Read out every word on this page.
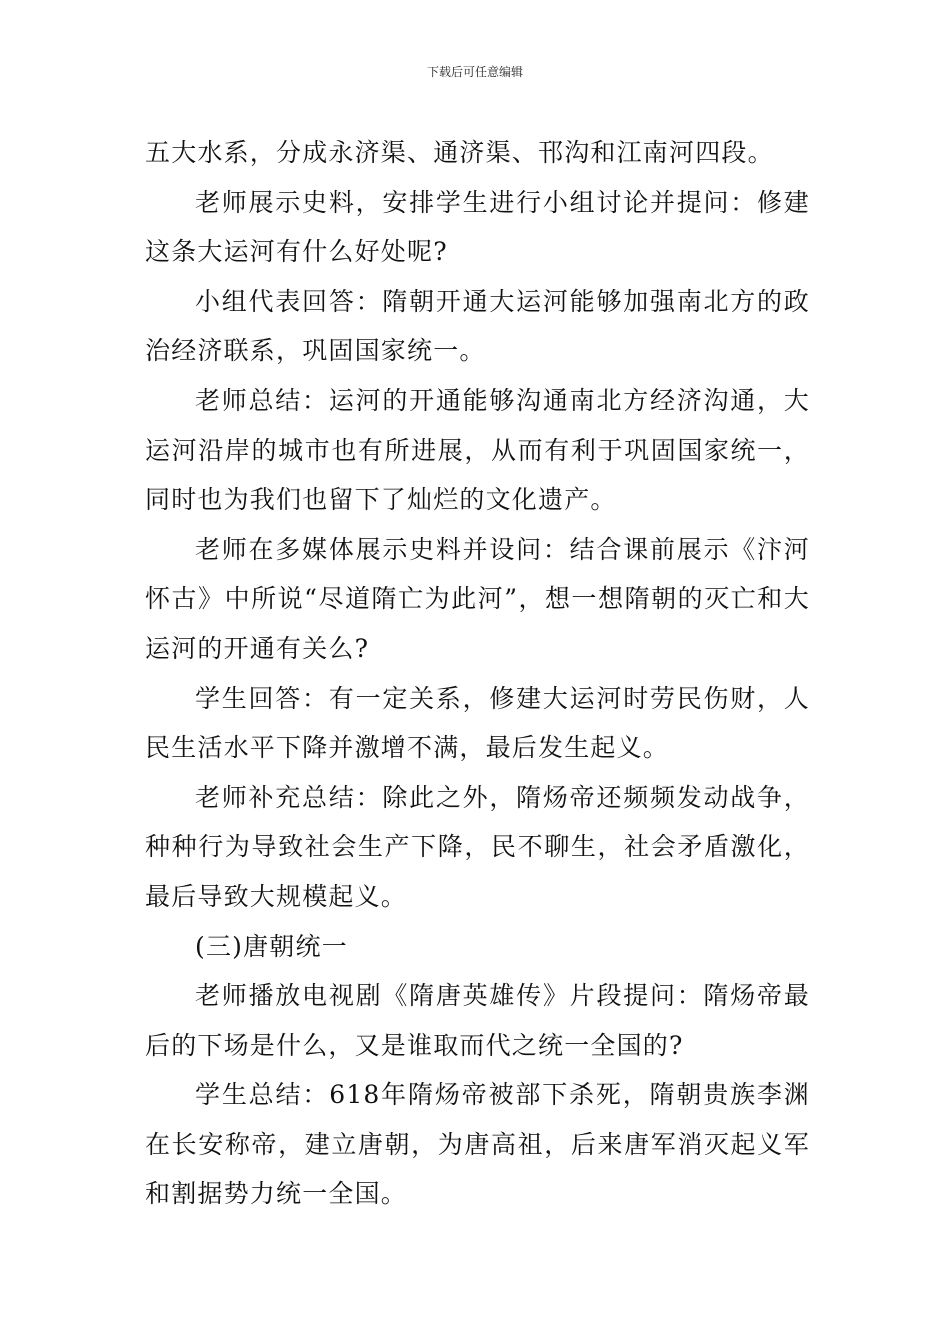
下载后可任意编辑

五大水系，分成永济渠、通济渠、邗沟和江南河四段。

老师展示史料，安排学生进行小组讨论并提问：修建这条大运河有什么好处呢?

小组代表回答：隋朝开通大运河能够加强南北方的政治经济联系，巩固国家统一。

老师总结：运河的开通能够沟通南北方经济沟通，大运河沿岸的城市也有所进展，从而有利于巩固国家统一，同时也为我们也留下了灿烂的文化遗产。

老师在多媒体展示史料并设问：结合课前展示《汴河怀古》中所说“尽道隋亡为此河”，想一想隋朝的灭亡和大运河的开通有关么?

学生回答：有一定关系，修建大运河时劳民伤财，人民生活水平下降并激增不满，最后发生起义。

老师补充总结：除此之外，隋炀帝还频频发动战争，种种行为导致社会生产下降，民不聊生，社会矛盾激化，最后导致大规模起义。

(三)唐朝统一

老师播放电视剧《隋唐英雄传》片段提问：隋炀帝最后的下场是什么，又是谁取而代之统一全国的?

学生总结：618年隋炀帝被部下杀死，隋朝贵族李渊在长安称帝，建立唐朝，为唐高祖，后来唐军消灭起义军和割据势力统一全国。
